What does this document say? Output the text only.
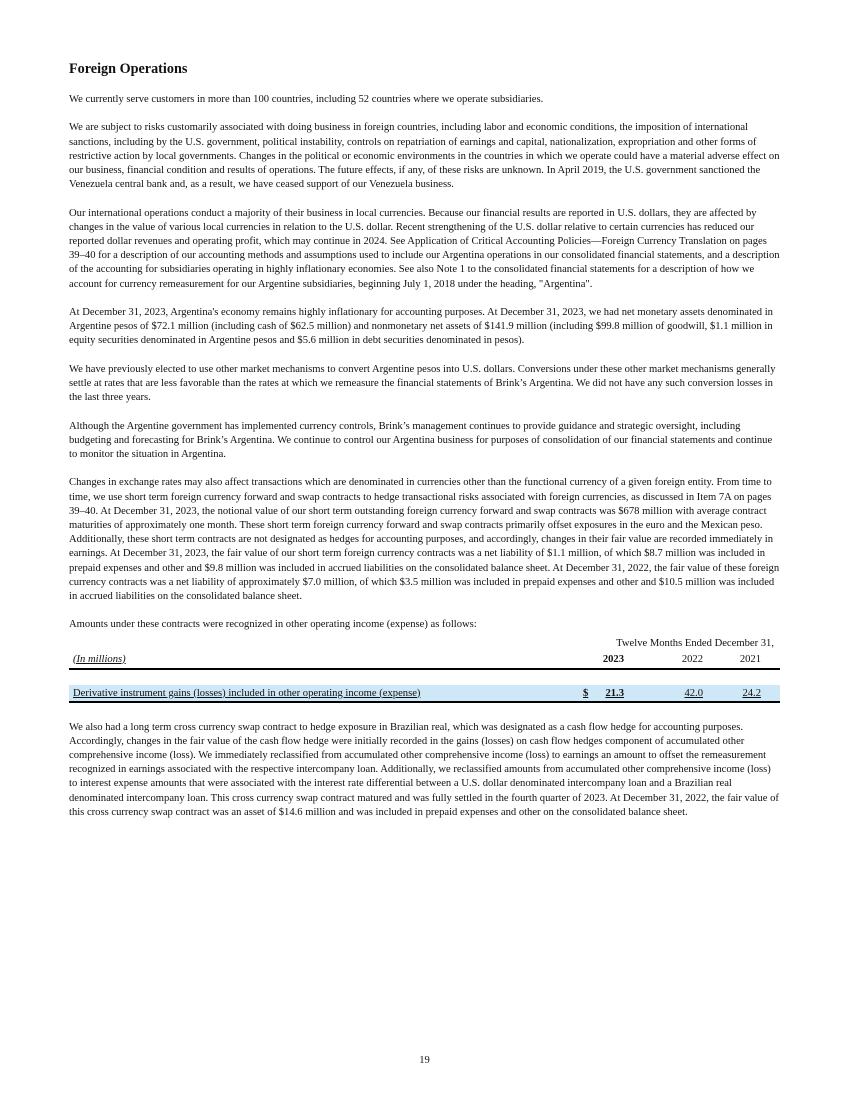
Foreign Operations

We currently serve customers in more than 100 countries, including 52 countries where we operate subsidiaries.

We are subject to risks customarily associated with doing business in foreign countries, including labor and economic conditions, the imposition of international sanctions, including by the U.S. government, political instability, controls on repatriation of earnings and capital, nationalization, expropriation and other forms of restrictive action by local governments. Changes in the political or economic environments in the countries in which we operate could have a material adverse effect on our business, financial condition and results of operations. The future effects, if any, of these risks are unknown. In April 2019, the U.S. government sanctioned the Venezuela central bank and, as a result, we have ceased support of our Venezuela business.

Our international operations conduct a majority of their business in local currencies. Because our financial results are reported in U.S. dollars, they are affected by changes in the value of various local currencies in relation to the U.S. dollar. Recent strengthening of the U.S. dollar relative to certain currencies has reduced our reported dollar revenues and operating profit, which may continue in 2024. See Application of Critical Accounting Policies—Foreign Currency Translation on pages 39–40 for a description of our accounting methods and assumptions used to include our Argentina operations in our consolidated financial statements, and a description of the accounting for subsidiaries operating in highly inflationary economies. See also Note 1 to the consolidated financial statements for a description of how we account for currency remeasurement for our Argentine subsidiaries, beginning July 1, 2018 under the heading, "Argentina".

At December 31, 2023, Argentina's economy remains highly inflationary for accounting purposes. At December 31, 2023, we had net monetary assets denominated in Argentine pesos of $72.1 million (including cash of $62.5 million) and nonmonetary net assets of $141.9 million (including $99.8 million of goodwill, $1.1 million in equity securities denominated in Argentine pesos and $5.6 million in debt securities denominated in pesos).

We have previously elected to use other market mechanisms to convert Argentine pesos into U.S. dollars. Conversions under these other market mechanisms generally settle at rates that are less favorable than the rates at which we remeasure the financial statements of Brink’s Argentina. We did not have any such conversion losses in the last three years.

Although the Argentine government has implemented currency controls, Brink’s management continues to provide guidance and strategic oversight, including budgeting and forecasting for Brink’s Argentina. We continue to control our Argentina business for purposes of consolidation of our financial statements and continue to monitor the situation in Argentina.

Changes in exchange rates may also affect transactions which are denominated in currencies other than the functional currency of a given foreign entity. From time to time, we use short term foreign currency forward and swap contracts to hedge transactional risks associated with foreign currencies, as discussed in Item 7A on pages 39–40. At December 31, 2023, the notional value of our short term outstanding foreign currency forward and swap contracts was $678 million with average contract maturities of approximately one month. These short term foreign currency forward and swap contracts primarily offset exposures in the euro and the Mexican peso. Additionally, these short term contracts are not designated as hedges for accounting purposes, and accordingly, changes in their fair value are recorded immediately in earnings. At December 31, 2023, the fair value of our short term foreign currency contracts was a net liability of $1.1 million, of which $8.7 million was included in prepaid expenses and other and $9.8 million was included in accrued liabilities on the consolidated balance sheet. At December 31, 2022, the fair value of these foreign currency contracts was a net liability of approximately $7.0 million, of which $3.5 million was included in prepaid expenses and other and $10.5 million was included in accrued liabilities on the consolidated balance sheet.

Amounts under these contracts were recognized in other operating income (expense) as follows:

Twelve Months Ended December 31,
(In millions)	2023	2022	2021
Derivative instrument gains (losses) included in other operating income (expense)	$ 21.3	42.0	24.2

We also had a long term cross currency swap contract to hedge exposure in Brazilian real, which was designated as a cash flow hedge for accounting purposes. Accordingly, changes in the fair value of the cash flow hedge were initially recorded in the gains (losses) on cash flow hedges component of accumulated other comprehensive income (loss). We immediately reclassified from accumulated other comprehensive income (loss) to earnings an amount to offset the remeasurement recognized in earnings associated with the respective intercompany loan. Additionally, we reclassified amounts from accumulated other comprehensive income (loss) to interest expense amounts that were associated with the interest rate differential between a U.S. dollar denominated intercompany loan and a Brazilian real denominated intercompany loan. This cross currency swap contract matured and was fully settled in the fourth quarter of 2023. At December 31, 2022, the fair value of this cross currency swap contract was an asset of $14.6 million and was included in prepaid expenses and other on the consolidated balance sheet.

19
